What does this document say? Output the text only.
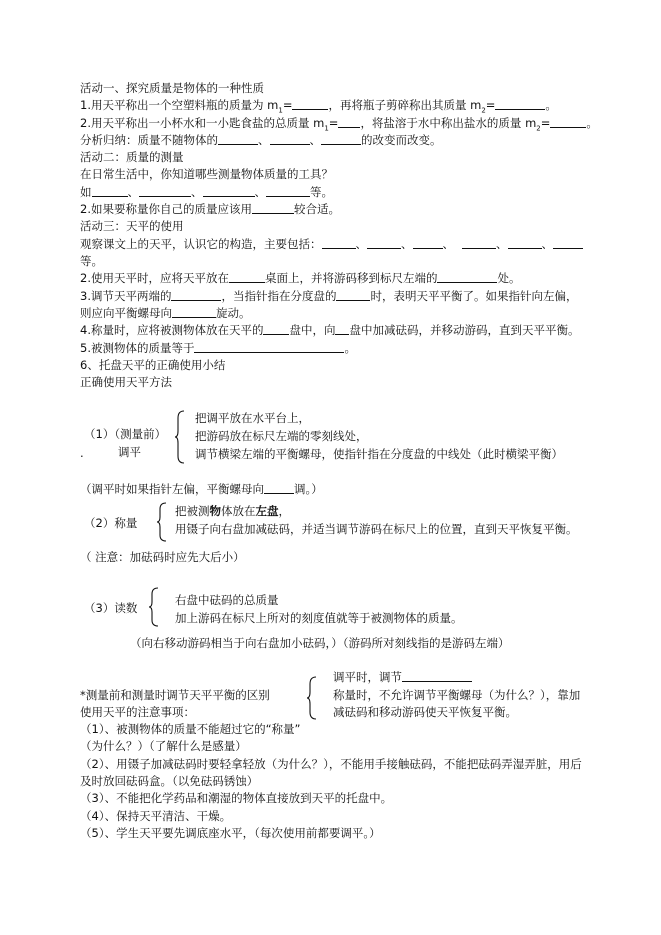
活动一、探究质量是物体的一种性质
1.用天平称出一个空塑料瓶的质量为 $m_1=$	，再将瓶子剪碎称出其质量 $m_2=$	。
2.用天平称出一小杯水和一小匙食盐的总质量 $m_1=$ ，将盐溶于水中称出盐水的质量 $m_2=$	。
分析归纳：质量不随物体的	、	、	的改变而改变。
活动二：质量的测量
在日常生活中，你知道哪些测量物体质量的工具？
如	、	、	、	等。
2.如果要称量你自己的质量应该用	较合适。
活动三：天平的使用
观察课文上的天平，认识它的构造，主要包括：	、	、	、	、	、
等。
2.使用天平时，应将天平放在	桌面上，并将游码移到标尺左端的	处。
3.调节天平两端的	，当指针指在分度盘的	时，表明天平平衡了。如果指针向左偏，
则应向平衡螺母向	旋动。
4.称量时，应将被测物体放在天平的 盘中，向 盘中加减砝码，并移动游码，直到天平平衡。
5.被测物体的质量等于	。
6、托盘天平的正确使用小结
正确使用天平方法
（1）（测量前）
.	调平
把调平放在水平台上，
把游码放在标尺左端的零刻线处，
调节横梁左端的平衡螺母，使指针指在分度盘的中线处（此时横梁平衡）
（调平时如果指针左偏，平衡螺母向	调。）
（2）称量
把被测物体放在左盘，
用镊子向右盘加减砝码，并适当调节游码在标尺上的位置，直到天平恢复平衡。
（ 注意：加砝码时应先大后小）
（3）读数
右盘中砝码的总质量
加上游码在标尺上所对的刻度值就等于被测物体的质量。
（向右移动游码相当于向右盘加小砝码，）（游码所对刻线指的是游码左端）
*测量前和测量时调节天平平衡的区别
调平时，调节
称量时，不允许调节平衡螺母（为什么？），靠加
减砝码和移动游码使天平恢复平衡。
使用天平的注意事项：
（1）、被测物体的质量不能超过它的“称量”
（为什么？）（了解什么是感量）
（2）、用镊子加减砝码时要轻拿轻放（为什么？），不能用手接触砝码，不能把砝码弄湿弄脏，用后
及时放回砝码盒。（以免砝码锈蚀）
（3）、不能把化学药品和潮湿的物体直接放到天平的托盘中。
（4）、保持天平清洁、干燥。
（5）、学生天平要先调底座水平，（每次使用前都要调平。）
